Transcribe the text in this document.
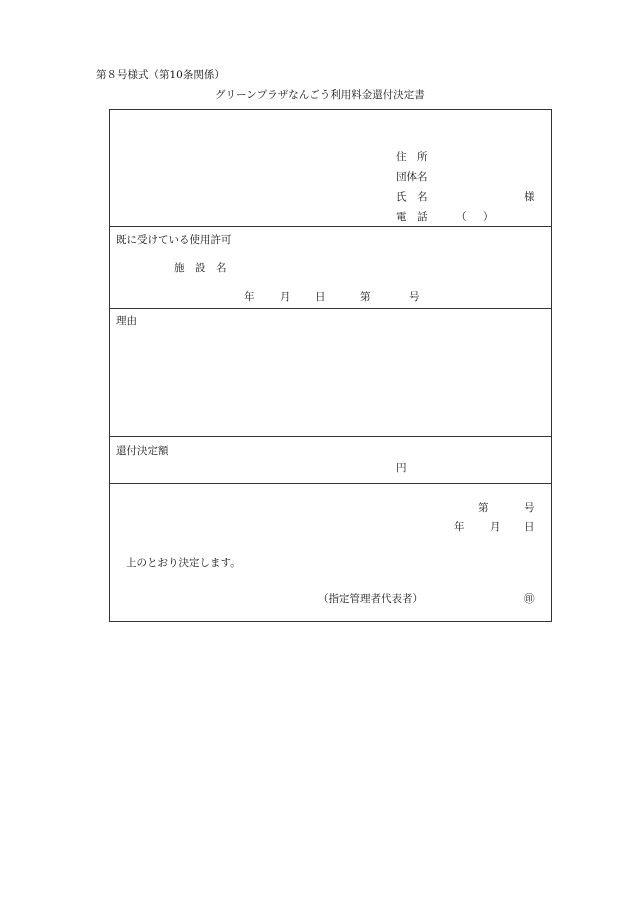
第８号様式（第10条関係）
グリーンプラザなんごう利用料金還付決定書
住　所
団体名
氏　名	様
電　話	（ ）
既に受けている使用許可
施　設　名
年 月 日	第	号
理由
還付決定額
円
第	号
年 月 日
上のとおり決定します。
（指定管理者代表者）	㊞
